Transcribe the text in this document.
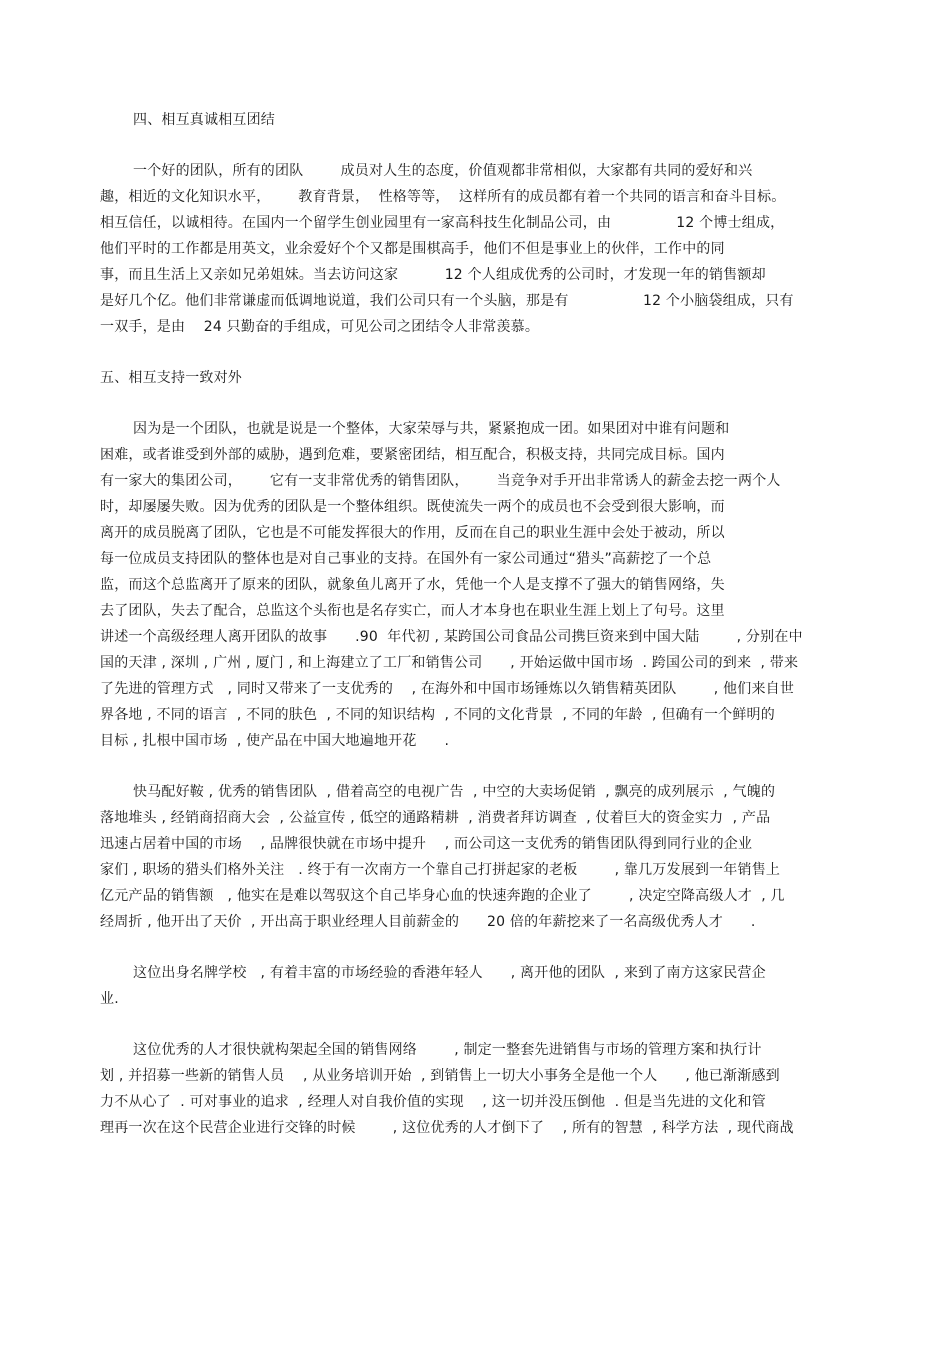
四、相互真诚相互团结
一个好的团队，所有的团队        成员对人生的态度，价值观都非常相似，大家都有共同的爱好和兴
趣，相近的文化知识水平，      教育背景，  性格等等，  这样所有的成员都有着一个共同的语言和奋斗目标。
相互信任，以诚相待。在国内一个留学生创业园里有一家高科技生化制品公司，由              12 个博士组成，
他们平时的工作都是用英文，业余爱好个个又都是围棋高手，他们不但是事业上的伙伴，工作中的同
事，而且生活上又亲如兄弟姐妹。当去访问这家          12 个人组成优秀的公司时，才发现一年的销售额却
是好几个亿。他们非常谦虚而低调地说道，我们公司只有一个头脑，那是有                12 个小脑袋组成，只有
一双手，是由    24 只勤奋的手组成，可见公司之团结令人非常羡慕。
五、相互支持一致对外
因为是一个团队，也就是说是一个整体，大家荣辱与共，紧紧抱成一团。如果团对中谁有问题和
困难，或者谁受到外部的威胁，遇到危难，要紧密团结，相互配合，积极支持，共同完成目标。国内
有一家大的集团公司，      它有一支非常优秀的销售团队，      当竞争对手开出非常诱人的薪金去挖一两个人
时，却屡屡失败。因为优秀的团队是一个整体组织。既使流失一两个的成员也不会受到很大影响，而
离开的成员脱离了团队，它也是不可能发挥很大的作用，反而在自己的职业生涯中会处于被动，所以
每一位成员支持团队的整体也是对自己事业的支持。在国外有一家公司通过“猎头”高薪挖了一个总
监，而这个总监离开了原来的团队，就象鱼儿离开了水，凭他一个人是支撑不了强大的销售网络，失
去了团队，失去了配合，总监这个头衔也是名存实亡，而人才本身也在职业生涯上划上了句号。这里
讲述一个高级经理人离开团队的故事      .90  年代初 , 某跨国公司食品公司携巨资来到中国大陆        , 分别在中
国的天津 , 深圳 , 广州 , 厦门 , 和上海建立了工厂和销售公司      , 开始运做中国市场  . 跨国公司的到来  , 带来
了先进的管理方式   , 同时又带来了一支优秀的    , 在海外和中国市场锤炼以久销售精英团队        , 他们来自世
界各地 , 不同的语言  , 不同的肤色  , 不同的知识结构  , 不同的文化背景  , 不同的年龄  , 但确有一个鲜明的
目标 , 扎根中国市场  , 使产品在中国大地遍地开花      .
快马配好鞍 , 优秀的销售团队  , 借着高空的电视广告  , 中空的大卖场促销  , 飘亮的成列展示  , 气魄的
落地堆头 , 经销商招商大会  , 公益宣传 , 低空的通路精耕  , 消费者拜访调查  , 仗着巨大的资金实力  , 产品
迅速占居着中国的市场    , 品牌很快就在市场中提升    , 而公司这一支优秀的销售团队得到同行业的企业
家们 , 职场的猎头们格外关注   . 终于有一次南方一个靠自己打拼起家的老板        , 靠几万发展到一年销售上
亿元产品的销售额   , 他实在是难以驾驭这个自己毕身心血的快速奔跑的企业了        , 决定空降高级人才  , 几
经周折 , 他开出了天价  , 开出高于职业经理人目前薪金的      20 倍的年薪挖来了一名高级优秀人才      .
这位出身名牌学校   , 有着丰富的市场经验的香港年轻人      , 离开他的团队  , 来到了南方这家民营企
业.
这位优秀的人才很快就构架起全国的销售网络        , 制定一整套先进销售与市场的管理方案和执行计
划 , 并招募一些新的销售人员    , 从业务培训开始  , 到销售上一切大小事务全是他一个人      , 他已渐渐感到
力不从心了  . 可对事业的追求  , 经理人对自我价值的实现    , 这一切并没压倒他  . 但是当先进的文化和管
理再一次在这个民营企业进行交锋的时候        , 这位优秀的人才倒下了    , 所有的智慧  , 科学方法  , 现代商战
